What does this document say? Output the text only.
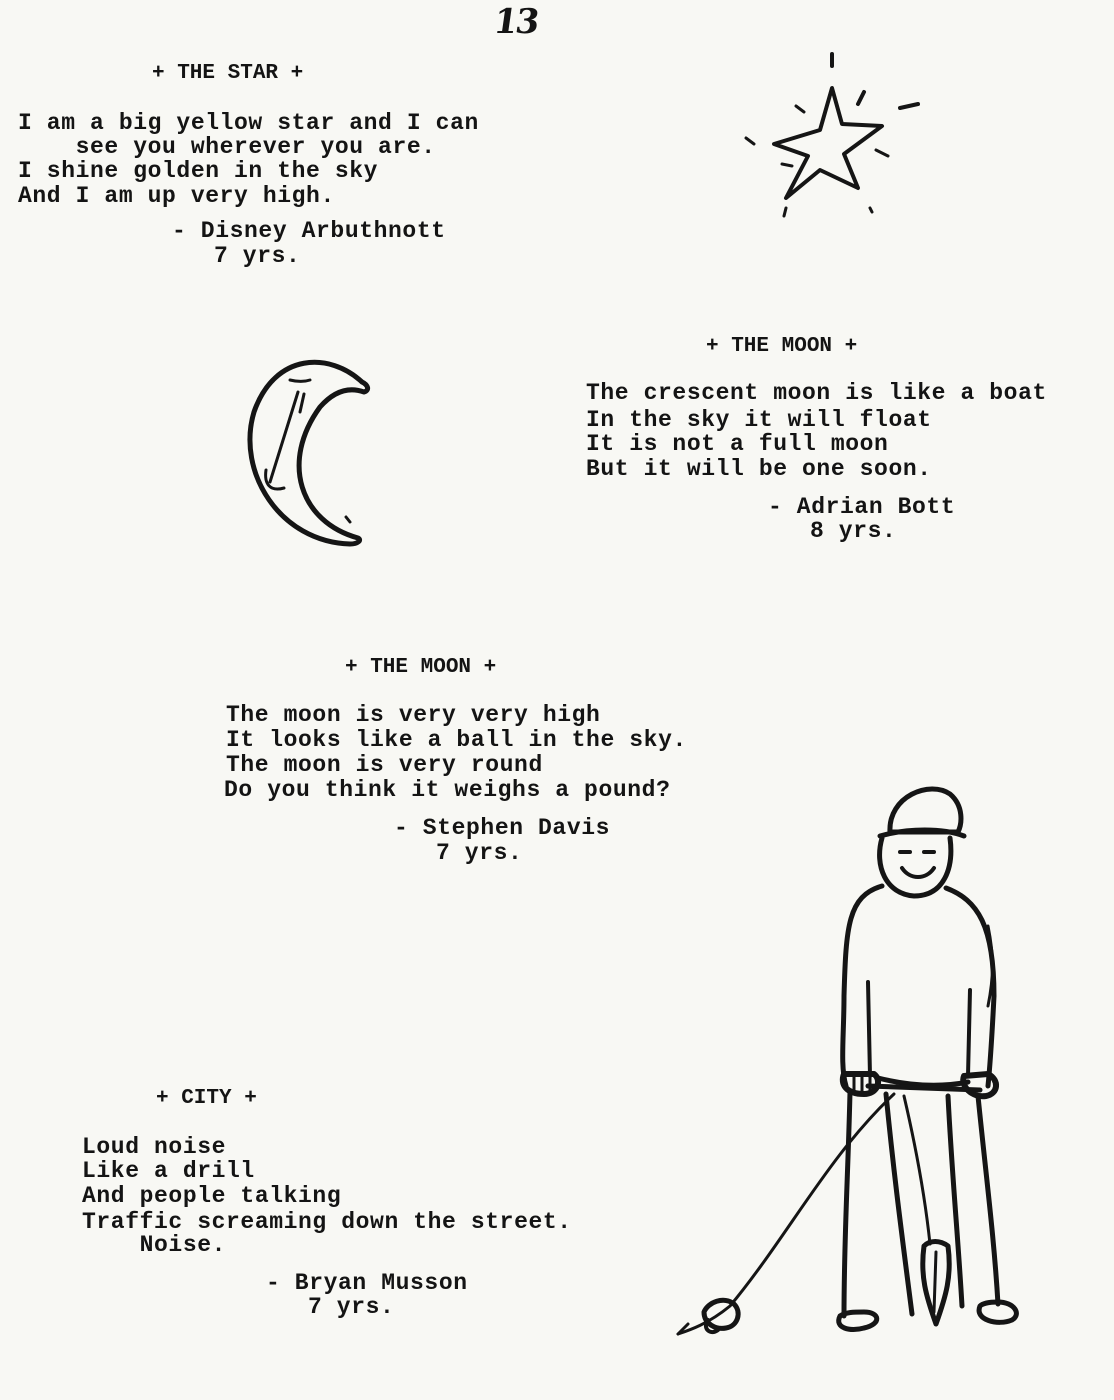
13
+ THE STAR +
I am a big yellow star and I can
see you wherever you are.
I shine golden in the sky
And I am up very high.
- Disney Arbuthnott
7 yrs.
+ THE MOON +
The crescent moon is like a boat
In the sky it will float
It is not a full moon
But it will be one soon.
- Adrian Bott
8 yrs.
+ THE MOON +
The moon is very very high
It looks like a ball in the sky.
The moon is very round
Do you think it weighs a pound?
- Stephen Davis
7 yrs.
+ CITY +
Loud noise
Like a drill
And people talking
Traffic screaming down the street.
Noise.
- Bryan Musson
7 yrs.
